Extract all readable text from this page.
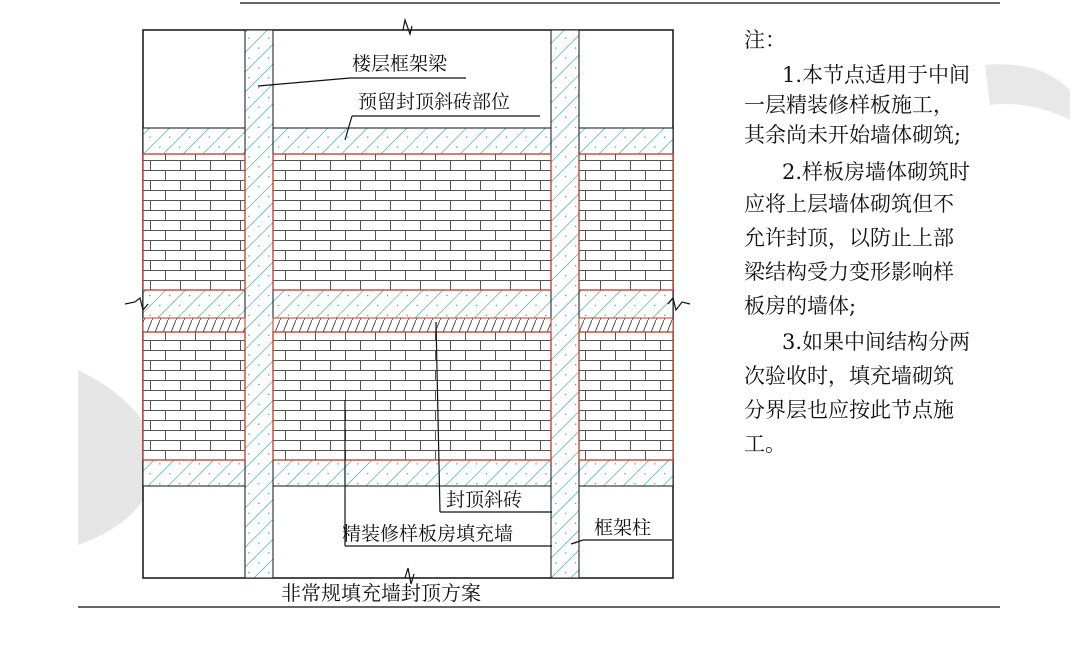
楼层框架梁
预留封顶斜砖部位
封顶斜砖
精装修样板房填充墙	框架柱
非常规填充墙封顶方案
注：
1.本节点适用于中间
一层精装修样板施工，
其余尚未开始墙体砌筑;
2.样板房墙体砌筑时
应将上层墙体砌筑但不
允许封顶，以防止上部
梁结构受力变形影响样
板房的墙体;
3.如果中间结构分两
次验收时，填充墙砌筑
分界层也应按此节点施
工。
